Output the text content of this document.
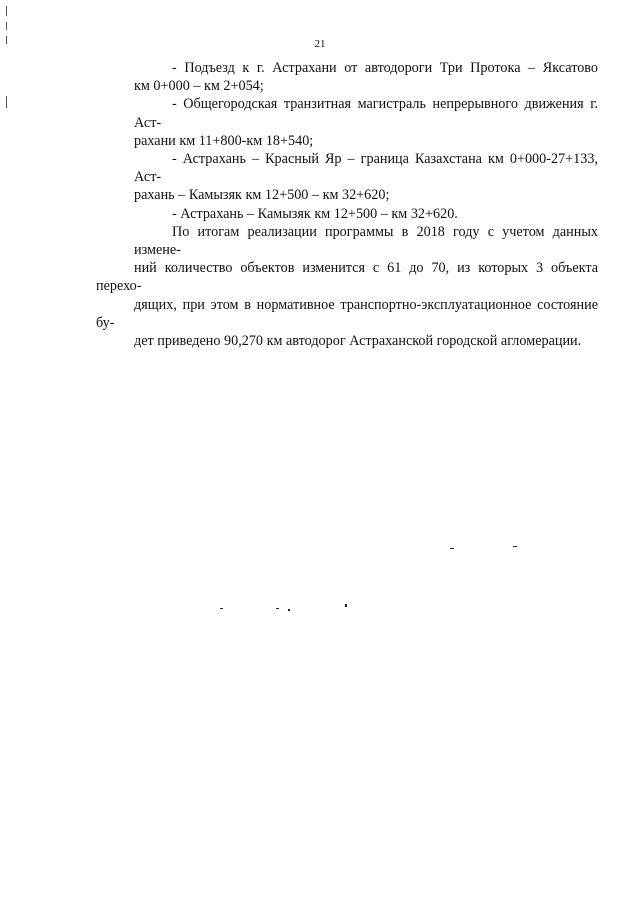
21

- Подъезд к г. Астрахани от автодороги Три Протока – Яксатово
км 0+000 – км 2+054;

- Общегородская транзитная магистраль непрерывного движения г. Аст-
рахани км 11+800-км 18+540;

- Астрахань – Красный Яр – граница Казахстана км 0+000-27+133, Аст-
рахань – Камызяк км 12+500 – км 32+620;

- Астрахань – Камызяк км 12+500 – км 32+620.

По итогам реализации программы в 2018 году с учетом данных измене-
ний количество объектов изменится с 61 до 70, из которых 3 объекта перехо-
дящих, при этом в нормативное транспортно-эксплуатационное состояние бу-
дет приведено 90,270 км автодорог Астраханской городской агломерации.
